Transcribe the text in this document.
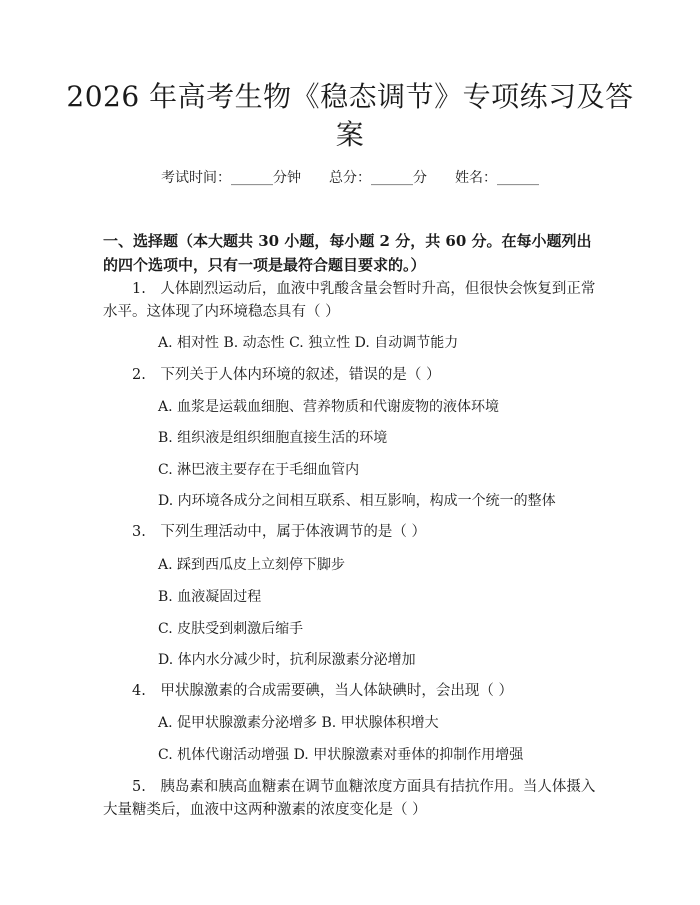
2026 年高考生物《稳态调节》专项练习及答案
考试时间：______分钟　　总分：______分　　姓名：______
一、选择题（本大题共 30 小题，每小题 2 分，共 60 分。在每小题列出的四个选项中，只有一项是最符合题目要求的。）
1.　人体剧烈运动后，血液中乳酸含量会暂时升高，但很快会恢复到正常水平。这体现了内环境稳态具有（ ）
A. 相对性 B. 动态性 C. 独立性 D. 自动调节能力
2.　下列关于人体内环境的叙述，错误的是（ ）
A. 血浆是运载血细胞、营养物质和代谢废物的液体环境
B. 组织液是组织细胞直接生活的环境
C. 淋巴液主要存在于毛细血管内
D. 内环境各成分之间相互联系、相互影响，构成一个统一的整体
3.　下列生理活动中，属于体液调节的是（ ）
A. 踩到西瓜皮上立刻停下脚步
B. 血液凝固过程
C. 皮肤受到刺激后缩手
D. 体内水分减少时，抗利尿激素分泌增加
4.　甲状腺激素的合成需要碘，当人体缺碘时，会出现（ ）
A. 促甲状腺激素分泌增多 B. 甲状腺体积增大
C. 机体代谢活动增强 D. 甲状腺激素对垂体的抑制作用增强
5.　胰岛素和胰高血糖素在调节血糖浓度方面具有拮抗作用。当人体摄入大量糖类后，血液中这两种激素的浓度变化是（ ）
